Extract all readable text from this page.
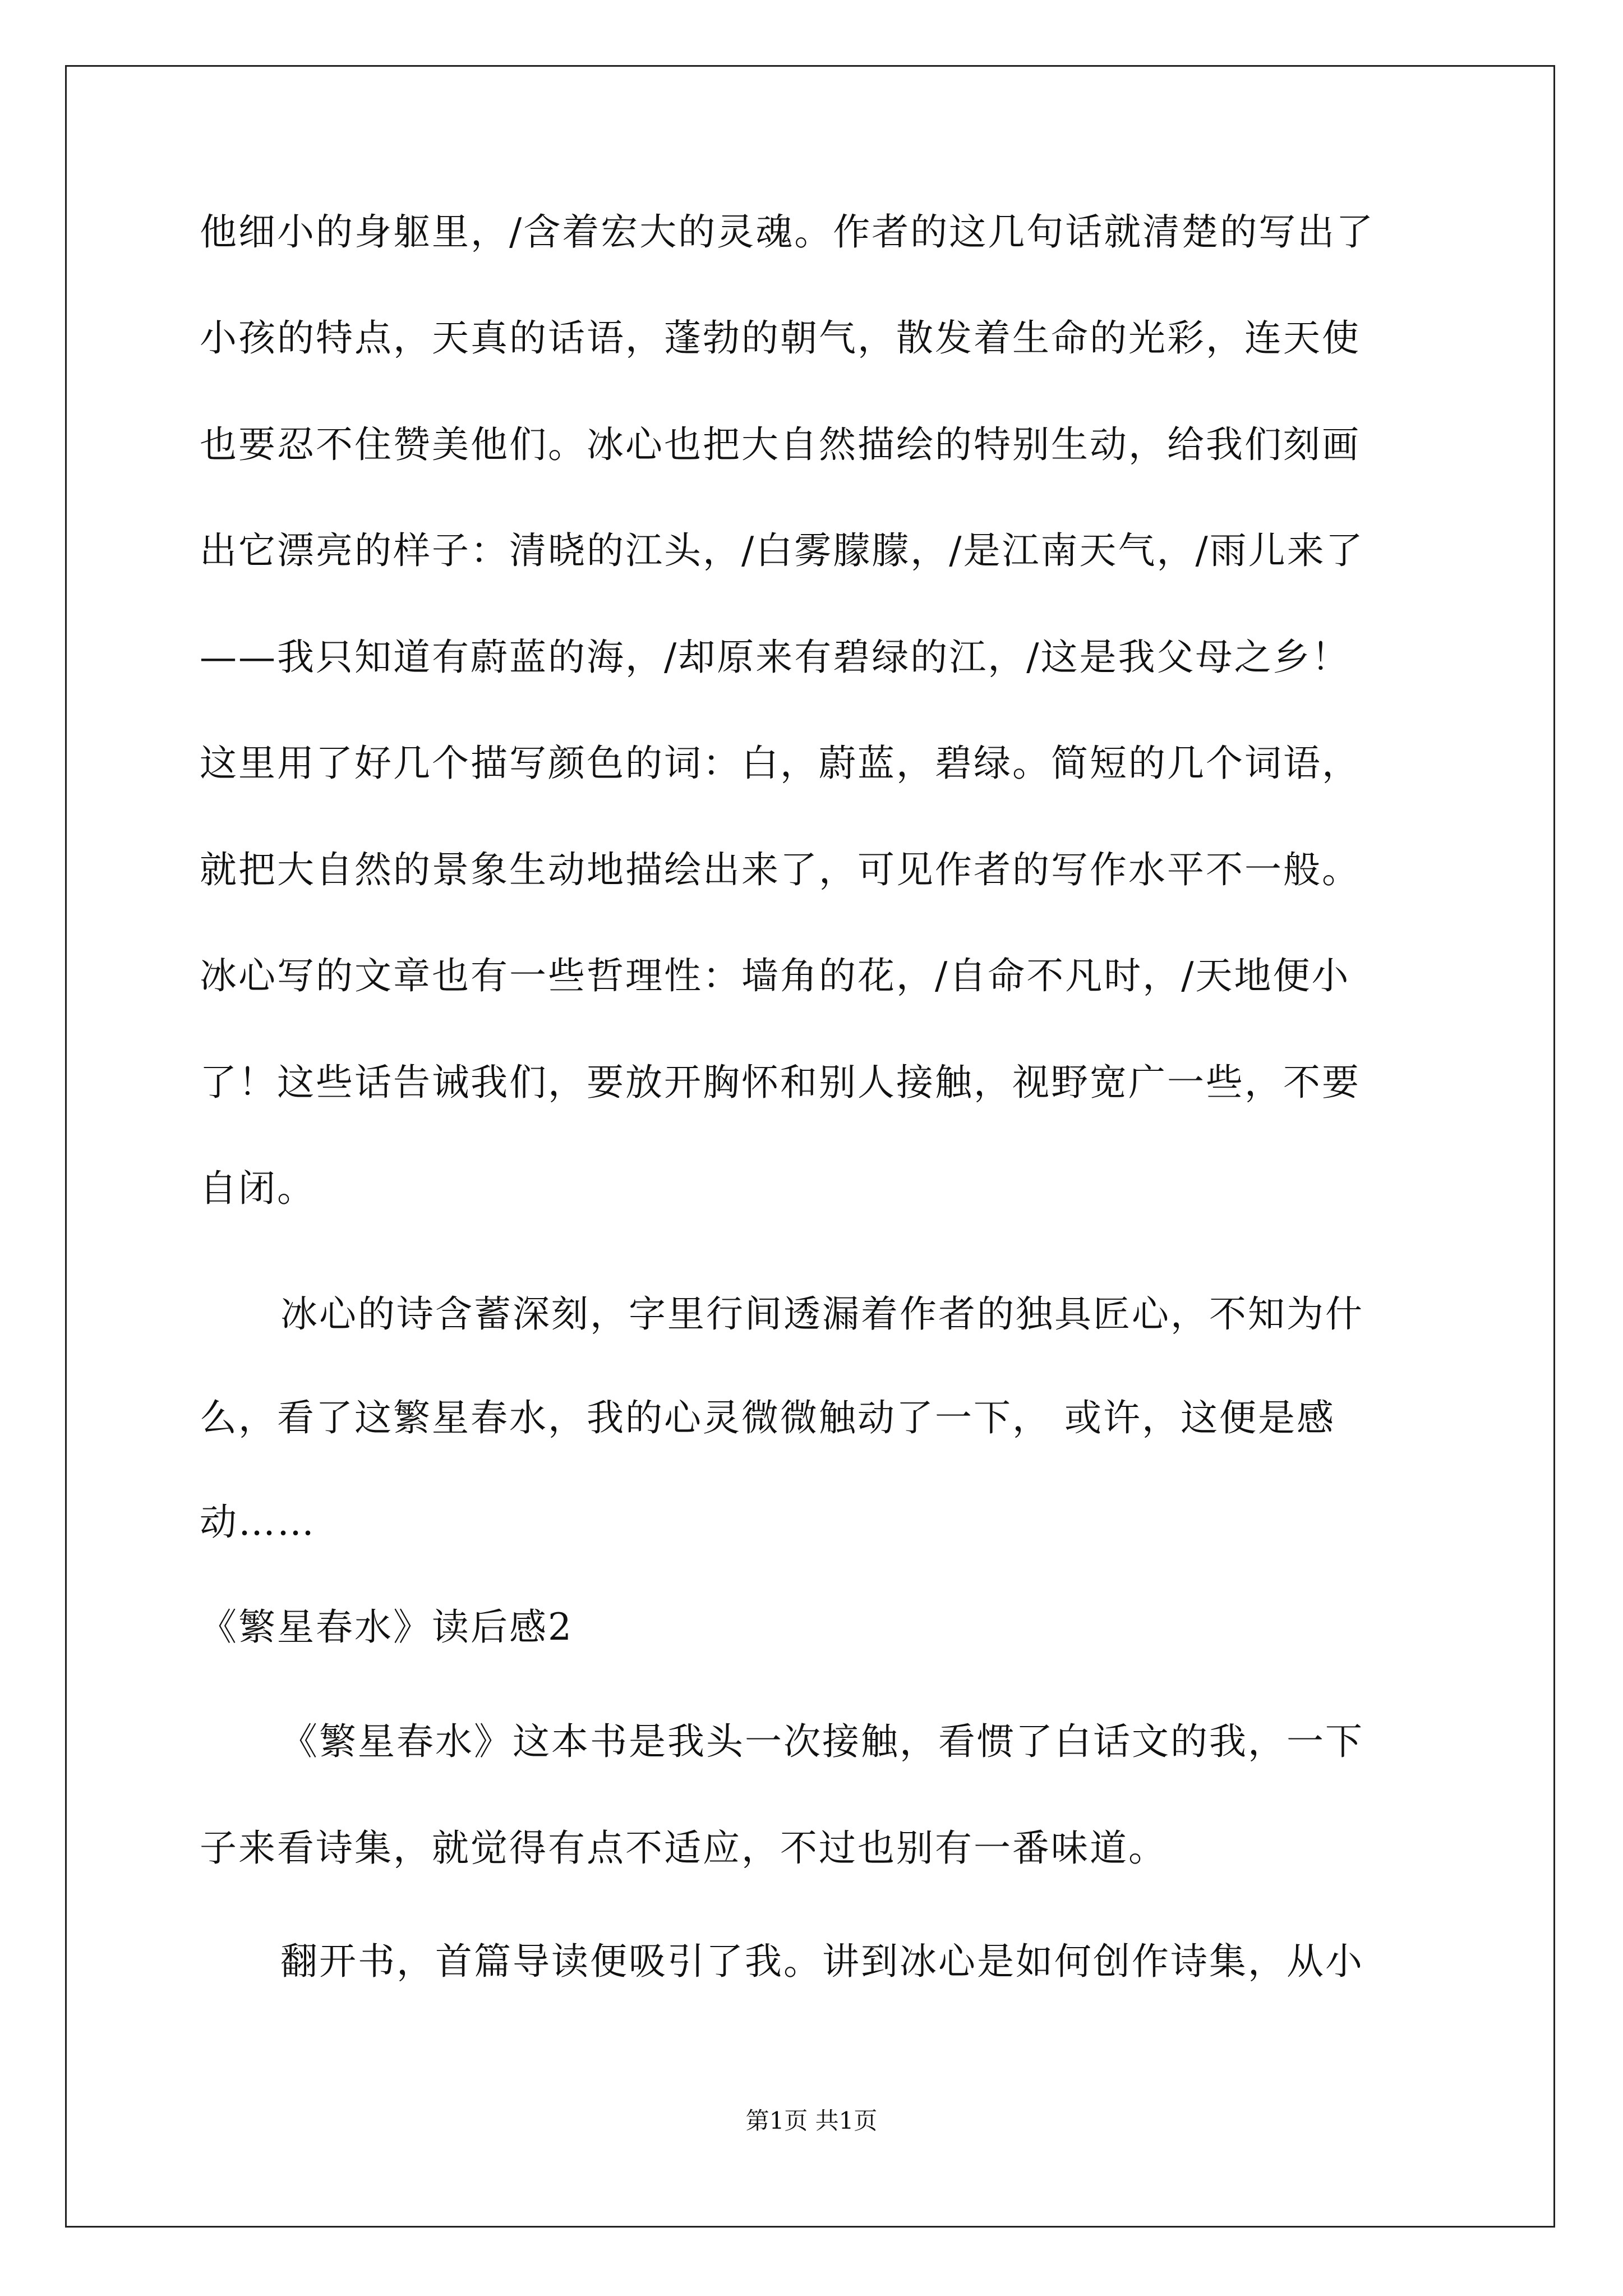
他细小的身躯里，/含着宏大的灵魂。作者的这几句话就清楚的写出了
小孩的特点，天真的话语，蓬勃的朝气，散发着生命的光彩，连天使
也要忍不住赞美他们。冰心也把大自然描绘的特别生动，给我们刻画
出它漂亮的样子：清晓的江头，/白雾朦朦，/是江南天气，/雨儿来了
——我只知道有蔚蓝的海，/却原来有碧绿的江，/这是我父母之乡！
这里用了好几个描写颜色的词：白，蔚蓝，碧绿。简短的几个词语，
就把大自然的景象生动地描绘出来了，可见作者的写作水平不一般。
冰心写的文章也有一些哲理性：墙角的花，/自命不凡时，/天地便小
了！这些话告诫我们，要放开胸怀和别人接触，视野宽广一些，不要
自闭。
冰心的诗含蓄深刻，字里行间透漏着作者的独具匠心，不知为什
么，看了这繁星春水，我的心灵微微触动了一下， 或许，这便是感
动……
《繁星春水》读后感2
《繁星春水》这本书是我头一次接触，看惯了白话文的我，一下
子来看诗集，就觉得有点不适应，不过也别有一番味道。
翻开书，首篇导读便吸引了我。讲到冰心是如何创作诗集，从小
第1页 共1页
